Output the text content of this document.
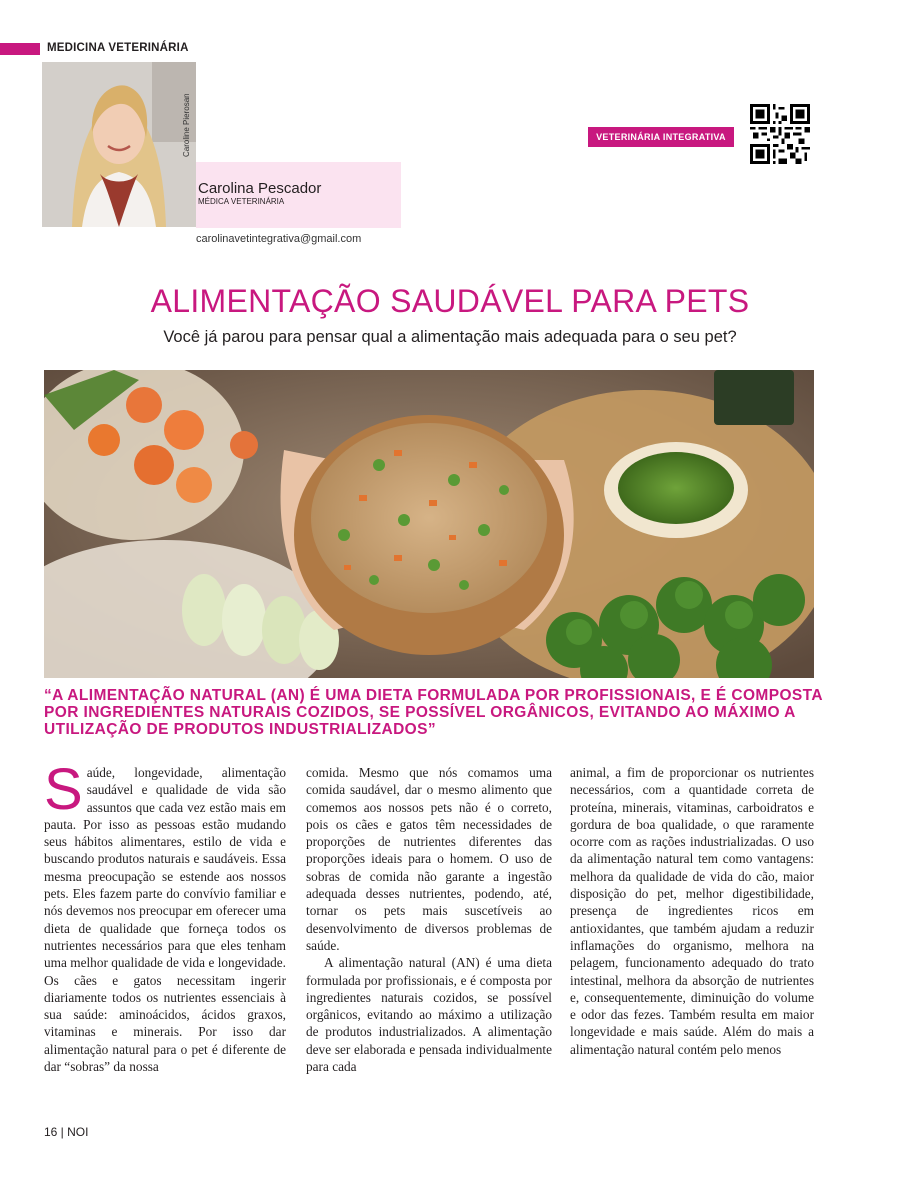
MEDICINA VETERINÁRIA
Caroline Pierosan
Carolina Pescador
MÉDICA VETERINÁRIA
carolinavetintegrativa@gmail.com
VETERINÁRIA INTEGRATIVA
ALIMENTAÇÃO SAUDÁVEL PARA PETS
Você já parou para pensar qual a alimentação mais adequada para o seu pet?
“A ALIMENTAÇÃO NATURAL (AN) É UMA DIETA FORMULADA POR PROFISSIONAIS, E É COMPOSTA POR INGREDIENTES NATURAIS COZIDOS, SE POSSÍVEL ORGÂNICOS, EVITANDO AO MÁXIMO A UTILIZAÇÃO DE PRODUTOS INDUSTRIALIZADOS”
S aúde, longevidade, alimentação saudável e qualidade de vida são assuntos que cada vez estão mais em pauta. Por isso as pessoas estão mudando seus hábitos alimentares, estilo de vida e buscando produtos naturais e saudáveis. Essa mesma preocupação se estende aos nossos pets. Eles fazem parte do convívio familiar e nós devemos nos preocupar em oferecer uma dieta de qualidade que forneça todos os nutrientes necessários para que eles tenham uma melhor qualidade de vida e longevidade. Os cães e gatos necessitam ingerir diariamente todos os nutrientes essenciais à sua saúde: aminoácidos, ácidos graxos, vitaminas e minerais. Por isso dar alimentação natural para o pet é diferente de dar “sobras” da nossa

comida. Mesmo que nós comamos uma comida saudável, dar o mesmo alimento que comemos aos nossos pets não é o correto, pois os cães e gatos têm necessidades de proporções de nutrientes diferentes das proporções ideais para o homem. O uso de sobras de comida não garante a ingestão adequada desses nutrientes, podendo, até, tornar os pets mais suscetíveis ao desenvolvimento de diversos problemas de saúde.

A alimentação natural (AN) é uma dieta formulada por profissionais, e é composta por ingredientes naturais cozidos, se possível orgânicos, evitando ao máximo a utilização de produtos industrializados. A alimentação deve ser elaborada e pensada individualmente para cada

animal, a fim de proporcionar os nutrientes necessários, com a quantidade correta de proteína, minerais, vitaminas, carboidratos e gordura de boa qualidade, o que raramente ocorre com as rações industrializadas. O uso da alimentação natural tem como vantagens: melhora da qualidade de vida do cão, maior disposição do pet, melhor digestibilidade, presença de ingredientes ricos em antioxidantes, que também ajudam a reduzir inflamações do organismo, melhora na pelagem, funcionamento adequado do trato intestinal, melhora da absorção de nutrientes e, consequentemente, diminuição do volume e odor das fezes. Também resulta em maior longevidade e mais saúde. Além do mais a alimentação natural contém pelo menos

16 | NOI
